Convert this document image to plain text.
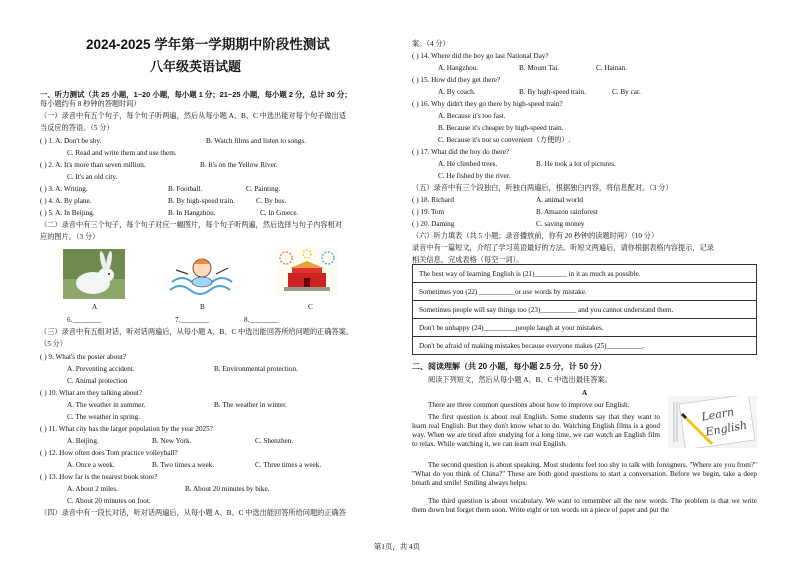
2024-2025 学年第一学期期中阶段性测试
八年级英语试题
一、听力测试（共 25 小题，1~20 小题，每小题 1 分；21~25 小题，每小题 2 分，总计 30 分；
每小题约有 8 秒钟的答题时间）
（一）录音中有五个句子，每个句子听两遍，然后从每小题 A、B、C 中选出能对每个句子做出适
当反应的答语。（5 分）
( ) 1. A. Don't be shy.	B. Watch films and listen to songs.
C. Read and write them and use them.
( ) 2. A. It's more than seven million.	B. It's on the Yellow River.
C. It's an old city.
( ) 3. A. Writing.	B. Football.	C. Painting.
( ) 4. A. By plane.	B. By high-speed train.	C. By bus.
( ) 5. A. In Beijing.	B. In Hangzhou.	C. In Greece.
（二）录音中有三个句子，每个句子对应一幅图片，每个句子听两遍，然后选择与句子内容相对
应的图片。（3 分）
A	B	C
6.________	7.________	8.________
（三）录音中有五组对话，听对话两遍后，从每小题 A、B、C 中选出能回答所给问题的正确答案。
（5 分）
( ) 9. What's the poster about?
A. Preventing accident.	B. Environmental protection.
C. Animal protection
( ) 10. What are they talking about?
A. The weather in summer.	B. The weather in winter.
C. The weather in spring.
( ) 11. What city has the larger population by the year 2025?
A. Beijing.	B. New York.	C. Shenzhen.
( ) 12. How often does Tom practice volleyball?
A. Once a week.	B. Two times a week.	C. Three times a week.
( ) 13. How far is the nearest book store?
A. About 2 miles.	B. About 20 minutes by bike.
C. About 20 minutes on foot.
（四）录音中有一段长对话，听对话两遍后，从每小题 A、B、C 中选出能回答所给问题的正确答
案。（4 分）
( ) 14. Where did the boy go last National Day?
A. Hangzhou.	B. Mount Tai.	C. Hainan.
( ) 15. How did they get there?
A. By coach.	B. By high-speed train.	C. By car.
( ) 16. Why didn't they go there by high-speed train?
A. Because it's too fast.
B. Because it's cheaper by high-speed train.
C. Because it's not so convenient（方便的）.
( ) 17. What did the boy do there?
A. He climbed trees.	B. He took a lot of pictures.
C. He fished by the river.
（五）录音中有三个段独白，听独白两遍后，根据独白内容，将信息配对。（3 分）
( ) 18. Richard	A. animal world
( ) 19. Tom	B. Amazon rainforest
( ) 20. Daming	C. saving money
（六）听力填表（共 5 小题；录音播放前，你有 20 秒钟的读题时间）（10 分）
录音中有一篇短文，介绍了学习英语最好的方法。听短文两遍后，请你根据表格内容提示，记录
相关信息，完成表格（每空一词）。
The best way of learning English is (21)_________ in it as much as possible.
Sometimes you (22) __________or use words by mistake.
Sometimes people will say things too (23)__________ and you cannot understand them.
Don't be unhappy (24)_________people laugh at your mistakes.
Don't be afraid of making mistakes because everyone makes (25)__________.
二、阅读理解（共 20 小题，每小题 2.5 分，计 50 分）
阅读下列短文，然后从每小题 A、B、C 中选出最佳答案。
A
There are three common questions about how to improve our English.
The first question is about real English. Some students say that they want to learn real English. But they don't know what to do. Watching English films is a good way. When we are tired after studying for a long time, we can watch an English film to relax. While watching it, we can learn real English.
Learn
English
The second question is about speaking. Most students feel too shy to talk with foreigners. "Where are you from?" "What do you think of China?" These are both good questions to start a conversation. Before we begin, take a deep breath and smile! Smiling always helps.
The third question is about vocabulary. We want to remember all the new words. The problem is that we write them down but forget them soon. Write eight or ten words on a piece of paper and put the
第1页，共 4页
